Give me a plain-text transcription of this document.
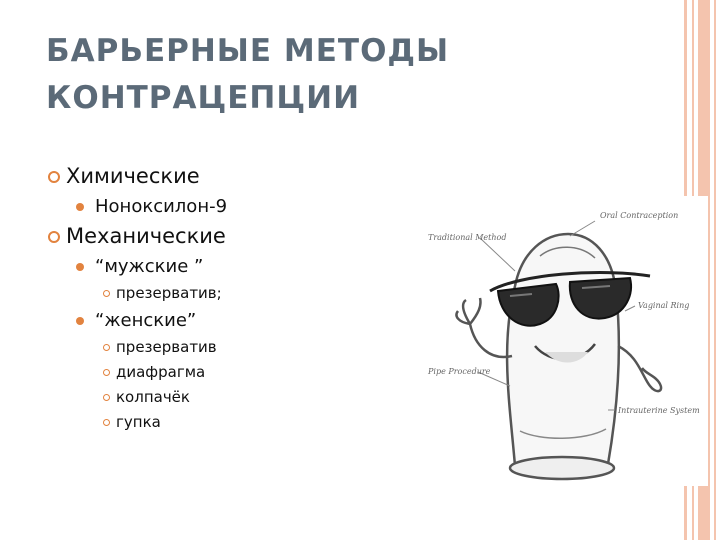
БАРЬЕРНЫЕ МЕТОДЫ
КОНТРАЦЕПЦИИ
Химические
Ноноксилон-9
Механические
“мужские ”
презерватив;
“женские”
презерватив
диафрагма
колпачёк
гупка
Oral Contraception
Traditional Method
Vaginal Ring
Pipe Procedure
Intrauterine System
